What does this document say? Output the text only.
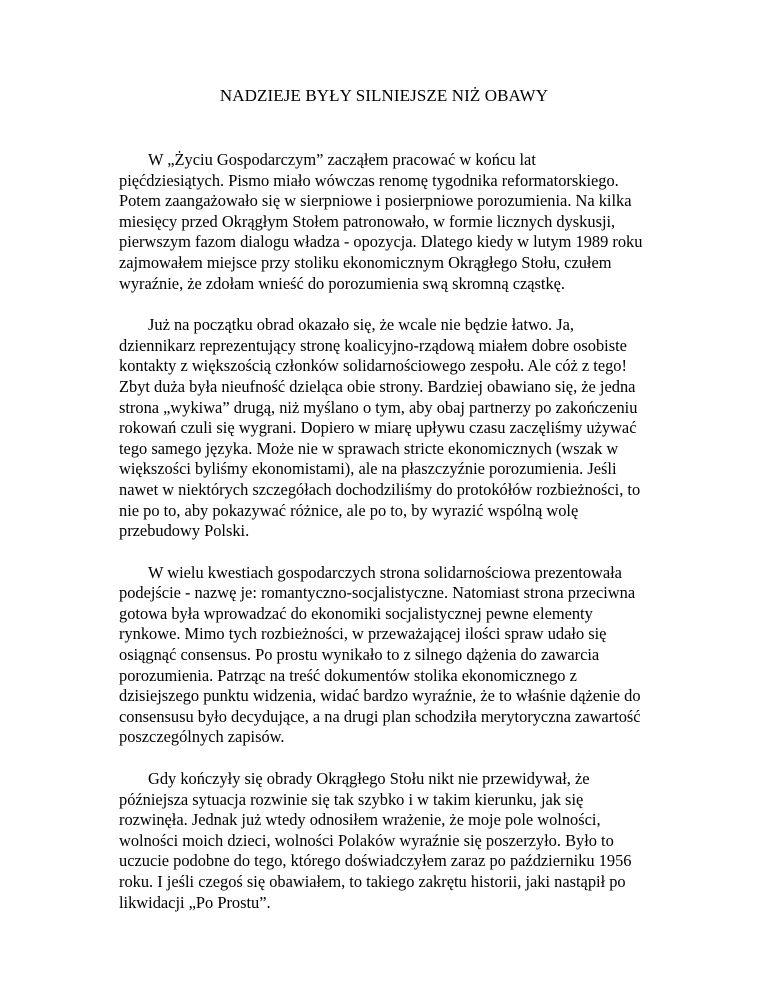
NADZIEJE BYŁY SILNIEJSZE NIŻ OBAWY

W „Życiu Gospodarczym” zacząłem pracować w końcu lat
pięćdziesiątych. Pismo miało wówczas renomę tygodnika reformatorskiego.
Potem zaangażowało się w sierpniowe i posierpniowe porozumienia. Na kilka
miesięcy przed Okrągłym Stołem patronowało, w formie licznych dyskusji,
pierwszym fazom dialogu władza - opozycja. Dlatego kiedy w lutym 1989 roku
zajmowałem miejsce przy stoliku ekonomicznym Okrągłego Stołu, czułem
wyraźnie, że zdołam wnieść do porozumienia swą skromną cząstkę.

Już na początku obrad okazało się, że wcale nie będzie łatwo. Ja,
dziennikarz reprezentujący stronę koalicyjno-rządową miałem dobre osobiste
kontakty z większością członków solidarnościowego zespołu. Ale cóż z tego!
Zbyt duża była nieufność dzieląca obie strony. Bardziej obawiano się, że jedna
strona „wykiwa” drugą, niż myślano o tym, aby obaj partnerzy po zakończeniu
rokowań czuli się wygrani. Dopiero w miarę upływu czasu zaczęliśmy używać
tego samego języka. Może nie w sprawach stricte ekonomicznych (wszak w
większości byliśmy ekonomistami), ale na płaszczyźnie porozumienia. Jeśli
nawet w niektórych szczegółach dochodziliśmy do protokółów rozbieżności, to
nie po to, aby pokazywać różnice, ale po to, by wyrazić wspólną wolę
przebudowy Polski.

W wielu kwestiach gospodarczych strona solidarnościowa prezentowała
podejście - nazwę je: romantyczno-socjalistyczne. Natomiast strona przeciwna
gotowa była wprowadzać do ekonomiki socjalistycznej pewne elementy
rynkowe. Mimo tych rozbieżności, w przeważającej ilości spraw udało się
osiągnąć consensus. Po prostu wynikało to z silnego dążenia do zawarcia
porozumienia. Patrząc na treść dokumentów stolika ekonomicznego z
dzisiejszego punktu widzenia, widać bardzo wyraźnie, że to właśnie dążenie do
consensusu było decydujące, a na drugi plan schodziła merytoryczna zawartość
poszczególnych zapisów.

Gdy kończyły się obrady Okrągłego Stołu nikt nie przewidywał, że
późniejsza sytuacja rozwinie się tak szybko i w takim kierunku, jak się
rozwinęła. Jednak już wtedy odnosiłem wrażenie, że moje pole wolności,
wolności moich dzieci, wolności Polaków wyraźnie się poszerzyło. Było to
uczucie podobne do tego, którego doświadczyłem zaraz po październiku 1956
roku. I jeśli czegoś się obawiałem, to takiego zakrętu historii, jaki nastąpił po
likwidacji „Po Prostu”.
